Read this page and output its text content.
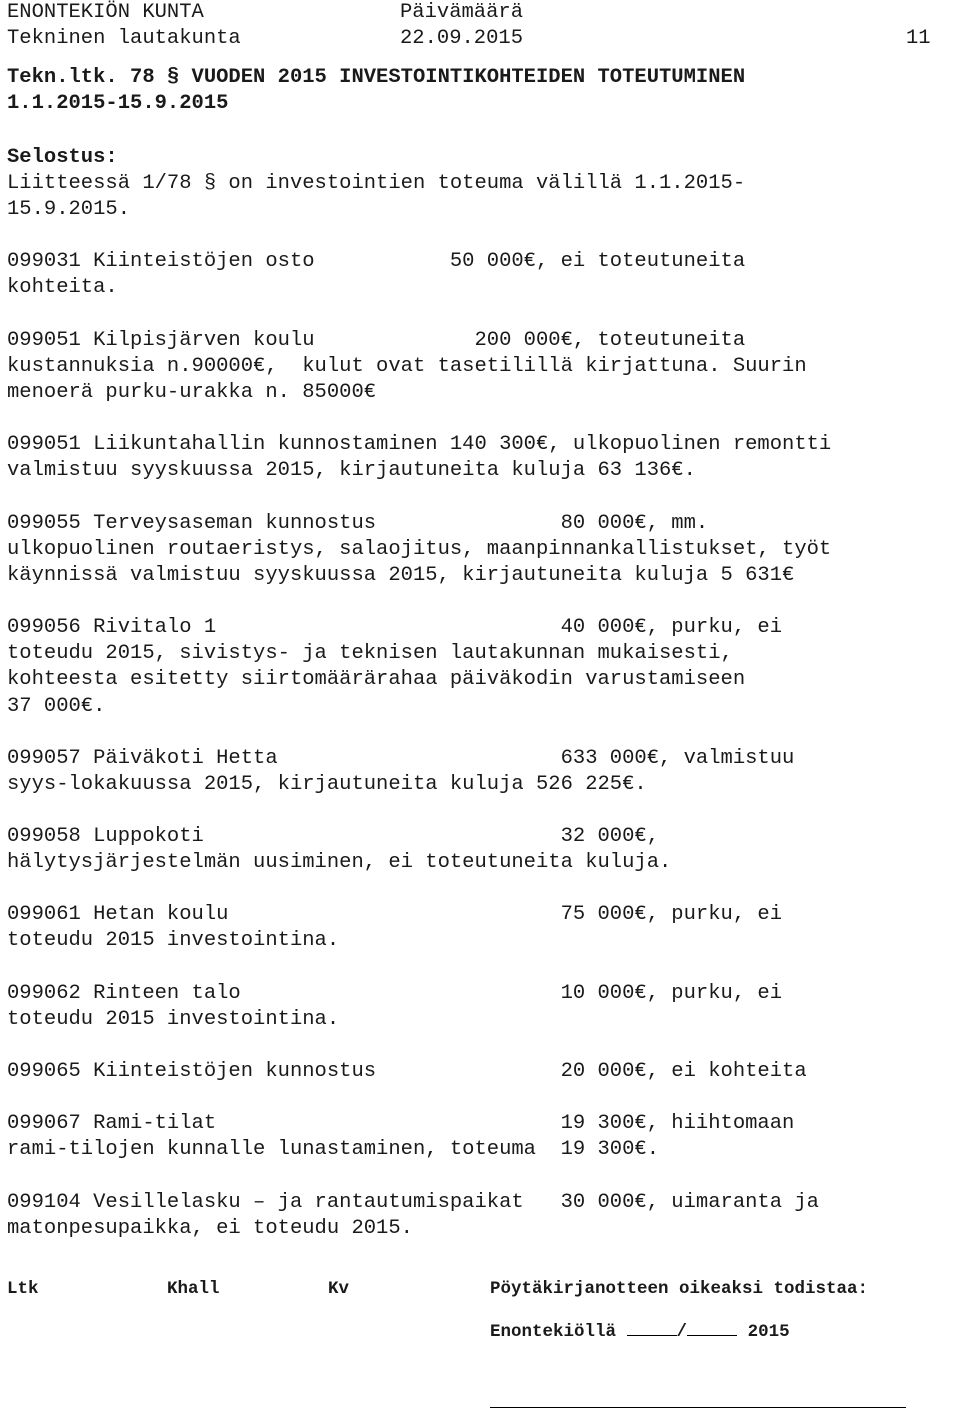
ENONTEKIÖN KUNTA	Päivämäärä
Tekninen lautakunta	22.09.2015	11
Tekn.ltk. 78 § VUODEN 2015 INVESTOINTIKOHTEIDEN TOTEUTUMINEN
1.1.2015-15.9.2015
Selostus:
Liitteessä 1/78 § on investointien toteuma välillä 1.1.2015-
15.9.2015.
099031 Kiinteistöjen osto           50 000€, ei toteutuneita
kohteita.
099051 Kilpisjärven koulu             200 000€, toteutuneita
kustannuksia n.90000€,  kulut ovat tasetilillä kirjattuna. Suurin
menoerä purku-urakka n. 85000€
099051 Liikuntahallin kunnostaminen 140 300€, ulkopuolinen remontti
valmistuu syyskuussa 2015, kirjautuneita kuluja 63 136€.
099055 Terveysaseman kunnostus               80 000€, mm.
ulkopuolinen routaeristys, salaojitus, maanpinnankallistukset, työt
käynnissä valmistuu syyskuussa 2015, kirjautuneita kuluja 5 631€
099056 Rivitalo 1                            40 000€, purku, ei
toteudu 2015, sivistys- ja teknisen lautakunnan mukaisesti,
kohteesta esitetty siirtomäärärahaa päiväkodin varustamiseen
37 000€.
099057 Päiväkoti Hetta                       633 000€, valmistuu
syys-lokakuussa 2015, kirjautuneita kuluja 526 225€.
099058 Luppokoti                             32 000€,
hälytysjärjestelmän uusiminen, ei toteutuneita kuluja.
099061 Hetan koulu                           75 000€, purku, ei
toteudu 2015 investointina.
099062 Rinteen talo                          10 000€, purku, ei
toteudu 2015 investointina.
099065 Kiinteistöjen kunnostus               20 000€, ei kohteita
099067 Rami-tilat                            19 300€, hiihtomaan
rami-tilojen kunnalle lunastaminen, toteuma  19 300€.
099104 Vesillelasku – ja rantautumispaikat   30 000€, uimaranta ja
matonpesupaikka, ei toteudu 2015.
Ltk	Khall	Kv	Pöytäkirjanotteen oikeaksi todistaa:
Enontekiöllä	/	2015
